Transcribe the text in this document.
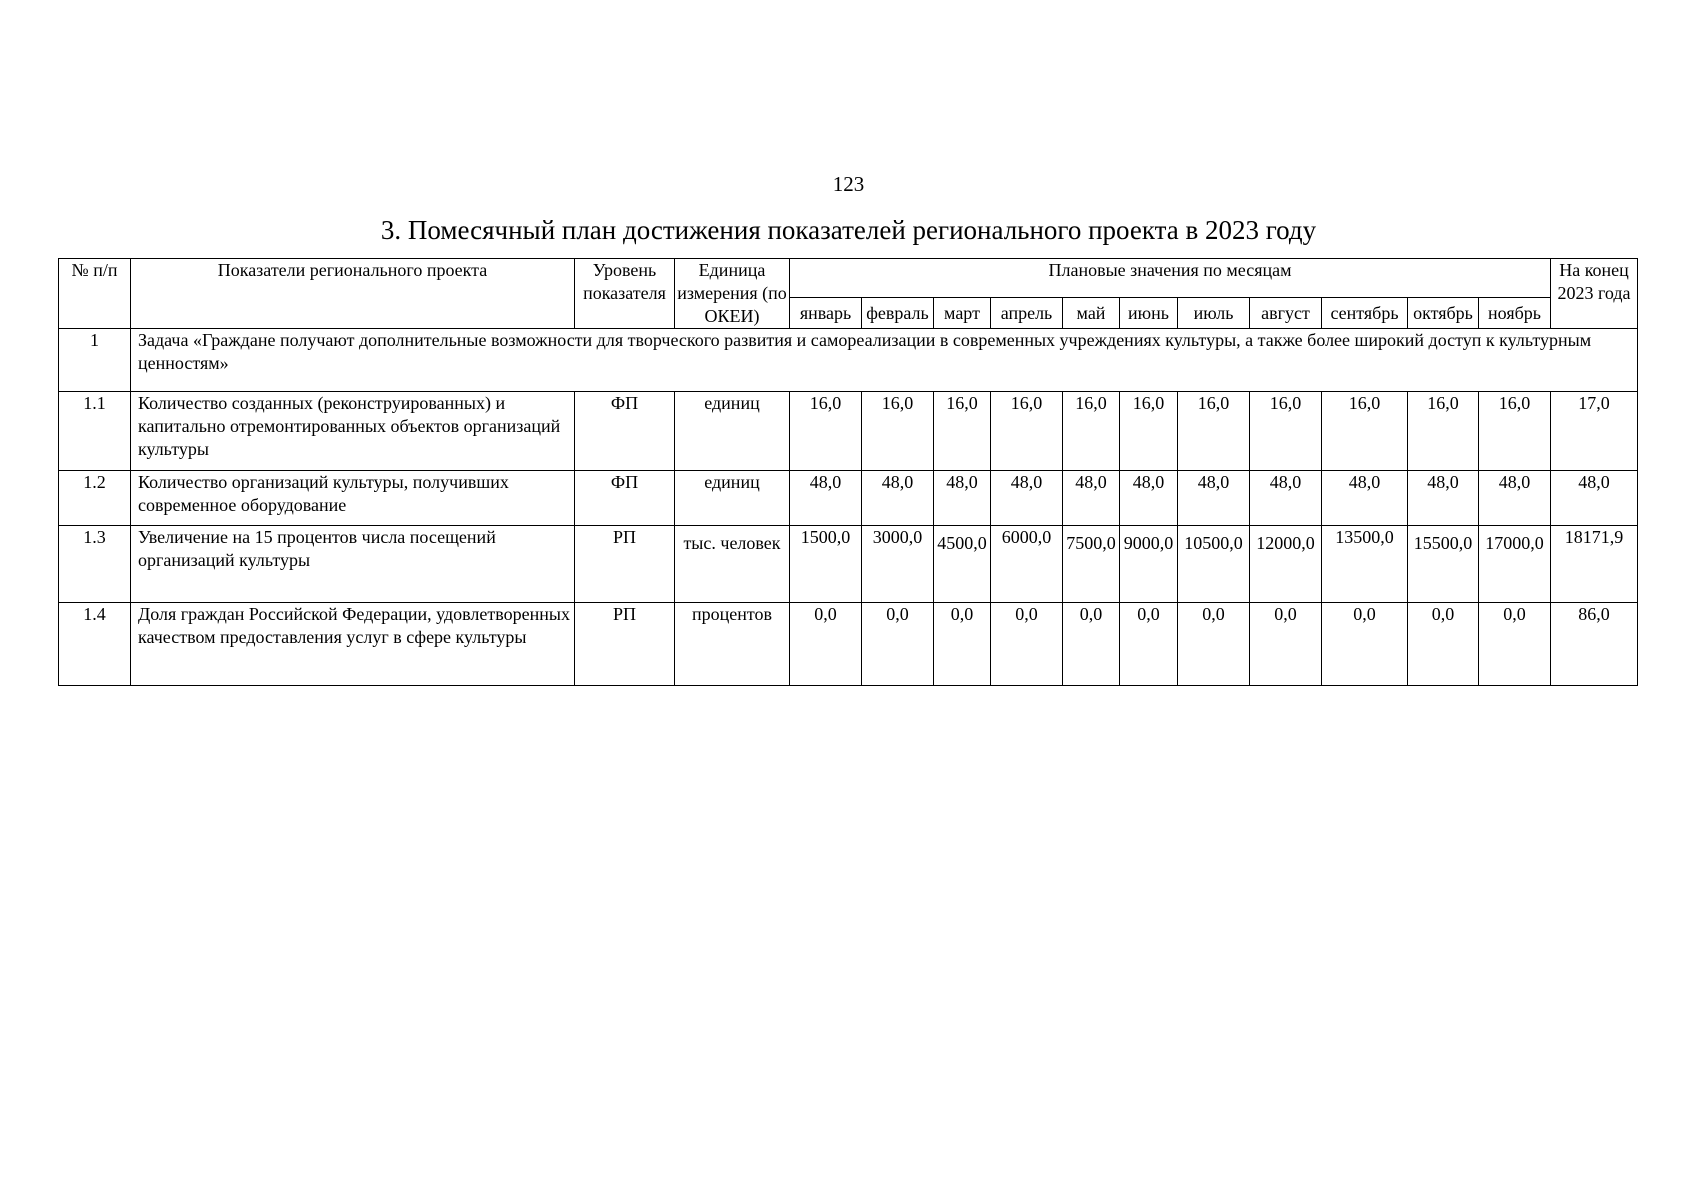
123
3. Помесячный план достижения показателей регионального проекта в 2023 году
№ п/п	Показатели регионального проекта	Уровень показателя	Единица измерения (по ОКЕИ)	Плановые значения по месяцам											На конец 2023 года
				январь	февраль	март	апрель	май	июнь	июль	август	сентябрь	октябрь	ноябрь	
1	Задача «Граждане получают дополнительные возможности для творческого развития и самореализации в современных учреждениях культуры, а также более широкий доступ к культурным ценностям»														
1.1	Количество созданных (реконструированных) и капитально отремонтированных объектов организаций культуры	ФП	единиц	16,0	16,0	16,0	16,0	16,0	16,0	16,0	16,0	16,0	16,0	16,0	17,0
1.2	Количество организаций культуры, получивших современное оборудование	ФП	единиц	48,0	48,0	48,0	48,0	48,0	48,0	48,0	48,0	48,0	48,0	48,0	48,0
1.3	Увеличение на 15 процентов числа посещений организаций культуры	РП	тыс. человек	1500,0	3000,0	4500,0	6000,0	7500,0	9000,0	10500,0	12000,0	13500,0	15500,0	17000,0	18171,9
1.4	Доля граждан Российской Федерации, удовлетворенных качеством предоставления услуг в сфере культуры	РП	процентов	0,0	0,0	0,0	0,0	0,0	0,0	0,0	0,0	0,0	0,0	0,0	86,0
